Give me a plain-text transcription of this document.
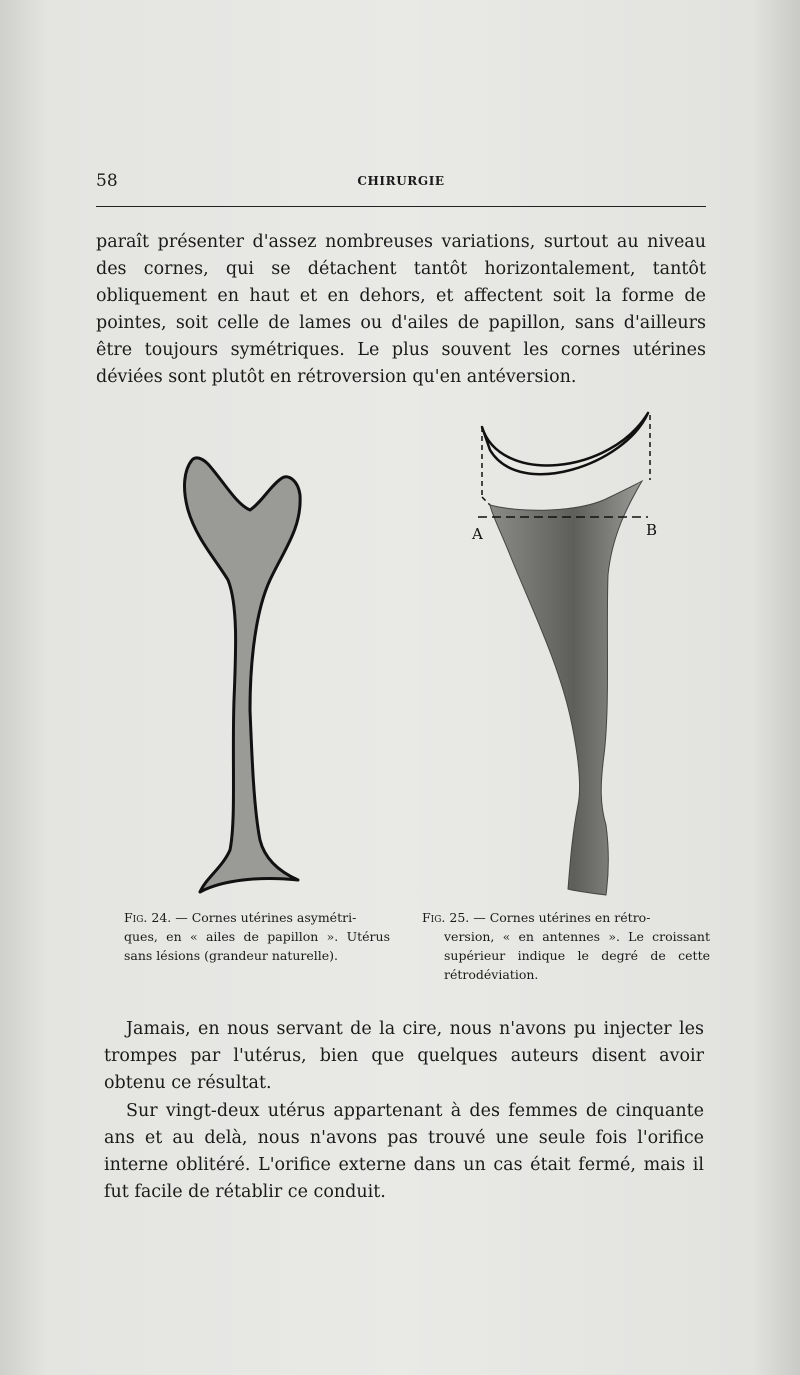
58	CHIRURGIE

paraît présenter d'assez nombreuses variations, surtout au niveau des cornes, qui se détachent tantôt horizontalement, tantôt obliquement en haut et en dehors, et affectent soit la forme de pointes, soit celle de lames ou d'ailes de papillon, sans d'ailleurs être toujours symétriques. Le plus souvent les cornes utérines déviées sont plutôt en rétroversion qu'en antéversion.

A	B
Fig. 24. — Cornes utérines asymétri-
ques, en « ailes de papillon ». Utérus sans lésions (grandeur naturelle).
Fig. 25. — Cornes utérines en rétro-
version, « en antennes ». Le croissant supérieur indique le degré de cette rétrodéviation.

Jamais, en nous servant de la cire, nous n'avons pu injecter les trompes par l'utérus, bien que quelques auteurs disent avoir obtenu ce résultat.

Sur vingt-deux utérus appartenant à des femmes de cinquante ans et au delà, nous n'avons pas trouvé une seule fois l'orifice interne oblitéré. L'orifice externe dans un cas était fermé, mais il fut facile de rétablir ce conduit.
